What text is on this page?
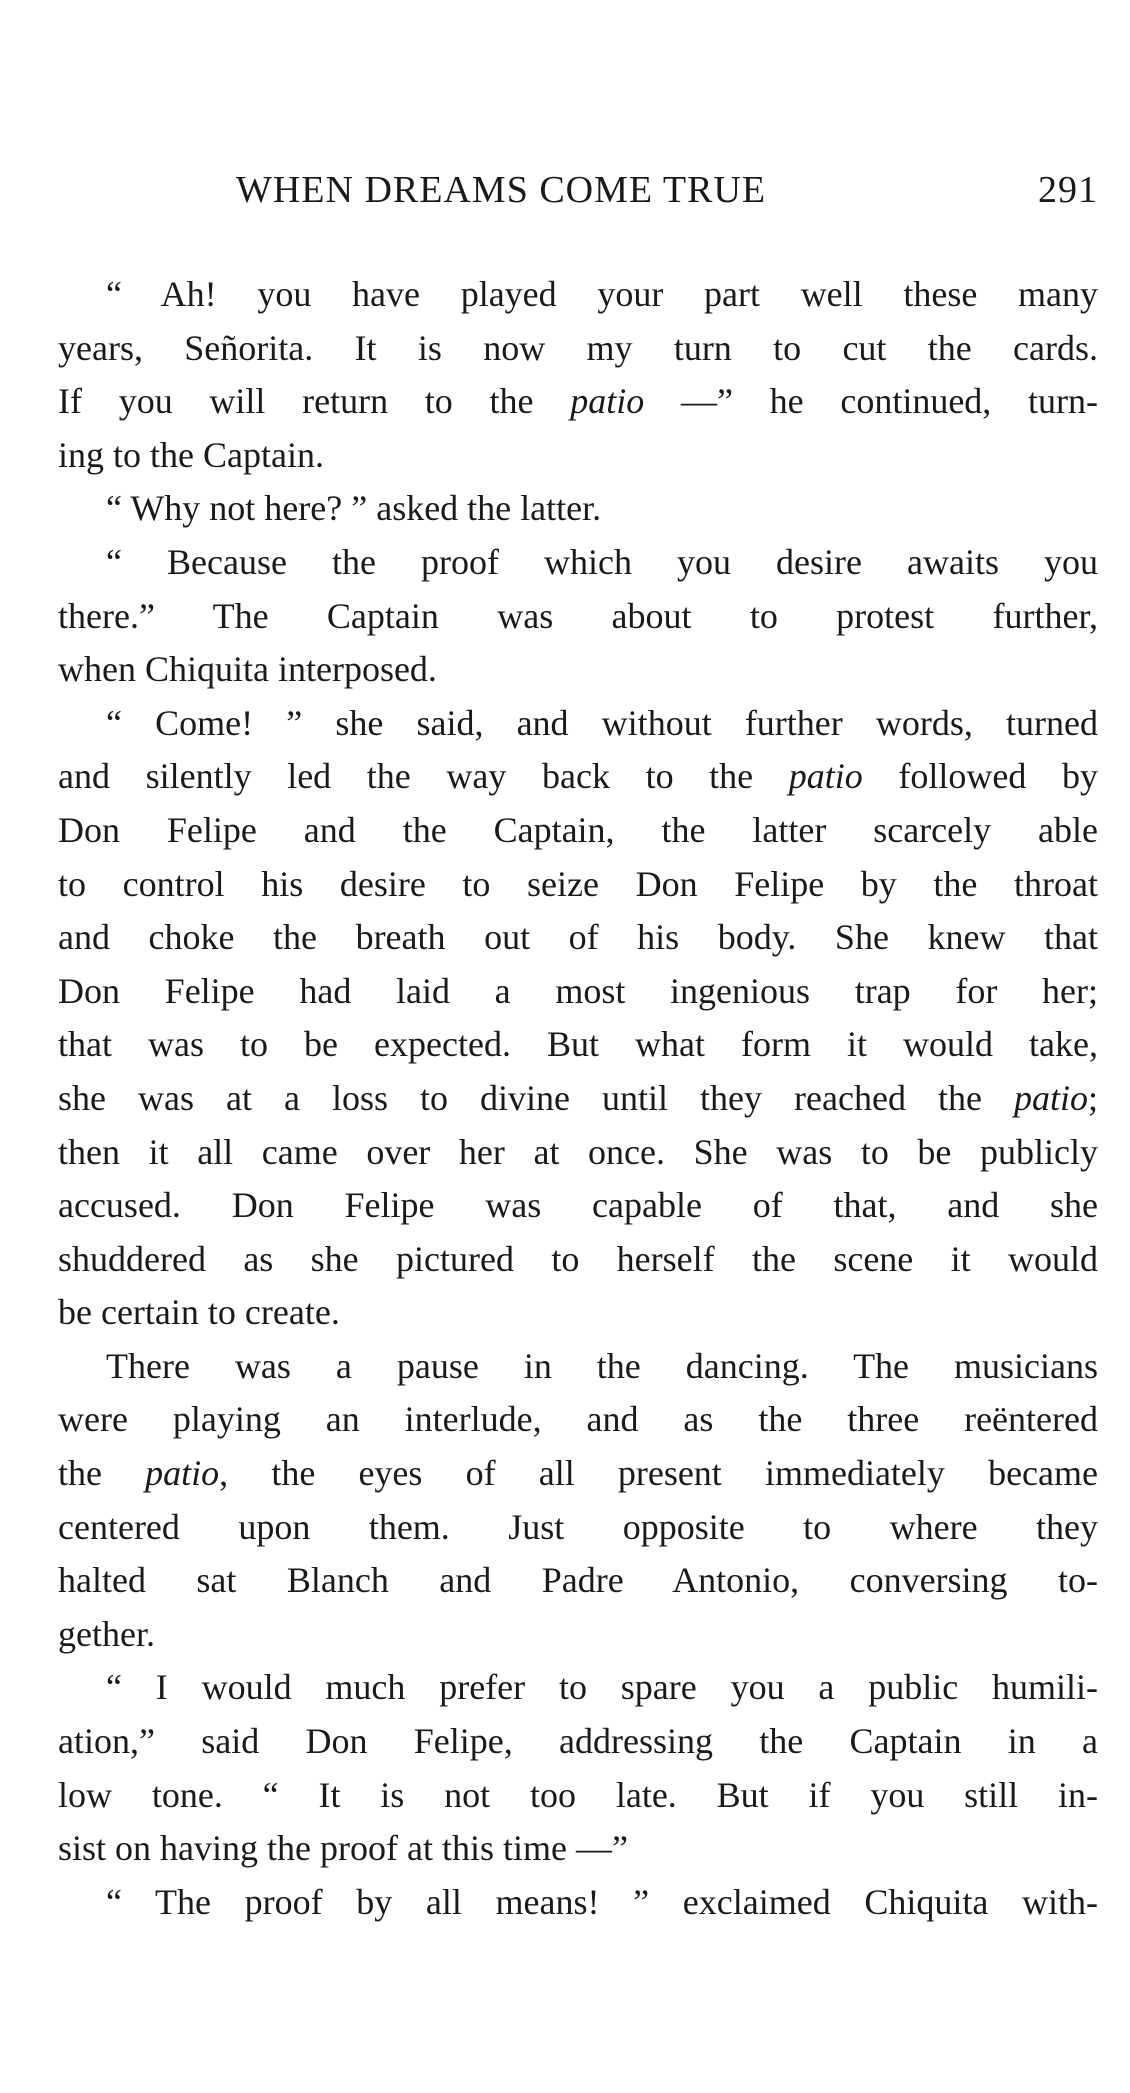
WHEN DREAMS COME TRUE	291
“ Ah! you have played your part well these many
years, Señorita. It is now my turn to cut the cards.
If you will return to the patio —” he continued, turn-
ing to the Captain.
“ Why not here? ” asked the latter.
“ Because the proof which you desire awaits you
there.” The Captain was about to protest further,
when Chiquita interposed.
“ Come! ” she said, and without further words, turned
and silently led the way back to the patio followed by
Don Felipe and the Captain, the latter scarcely able
to control his desire to seize Don Felipe by the throat
and choke the breath out of his body. She knew that
Don Felipe had laid a most ingenious trap for her;
that was to be expected. But what form it would take,
she was at a loss to divine until they reached the patio;
then it all came over her at once. She was to be publicly
accused. Don Felipe was capable of that, and she
shuddered as she pictured to herself the scene it would
be certain to create.
There was a pause in the dancing. The musicians
were playing an interlude, and as the three reëntered
the patio, the eyes of all present immediately became
centered upon them. Just opposite to where they
halted sat Blanch and Padre Antonio, conversing to-
gether.
“ I would much prefer to spare you a public humili-
ation,” said Don Felipe, addressing the Captain in a
low tone. “ It is not too late. But if you still in-
sist on having the proof at this time —”
“ The proof by all means! ” exclaimed Chiquita with-
